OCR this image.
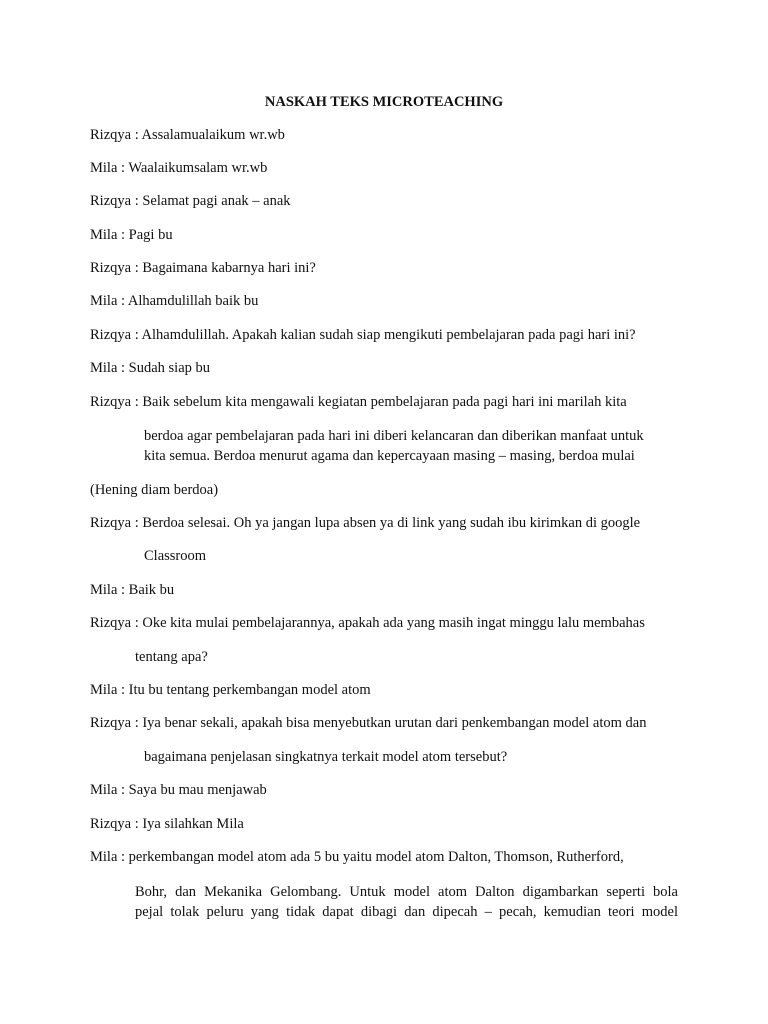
NASKAH TEKS MICROTEACHING

Rizqya : Assalamualaikum wr.wb

Mila : Waalaikumsalam wr.wb

Rizqya : Selamat pagi anak – anak

Mila : Pagi bu

Rizqya : Bagaimana kabarnya hari ini?

Mila : Alhamdulillah baik bu

Rizqya : Alhamdulillah. Apakah kalian sudah siap mengikuti pembelajaran pada pagi hari ini?

Mila : Sudah siap bu

Rizqya : Baik sebelum kita mengawali kegiatan pembelajaran pada pagi hari ini marilah kita

berdoa agar pembelajaran pada hari ini diberi kelancaran dan diberikan manfaat untuk
kita semua. Berdoa menurut agama dan kepercayaan masing – masing, berdoa mulai

(Hening diam berdoa)

Rizqya : Berdoa selesai. Oh ya jangan lupa absen ya di link yang sudah ibu kirimkan di google

Classroom

Mila : Baik bu

Rizqya : Oke kita mulai pembelajarannya, apakah ada yang masih ingat minggu lalu membahas

tentang apa?

Mila : Itu bu tentang perkembangan model atom

Rizqya : Iya benar sekali, apakah bisa menyebutkan urutan dari penkembangan model atom dan

bagaimana penjelasan singkatnya terkait model atom tersebut?

Mila : Saya bu mau menjawab

Rizqya : Iya silahkan Mila

Mila : perkembangan model atom ada 5 bu yaitu model atom Dalton, Thomson, Rutherford,

Bohr, dan Mekanika Gelombang. Untuk model atom Dalton digambarkan seperti bola
pejal tolak peluru yang tidak dapat dibagi dan dipecah – pecah, kemudian teori model
